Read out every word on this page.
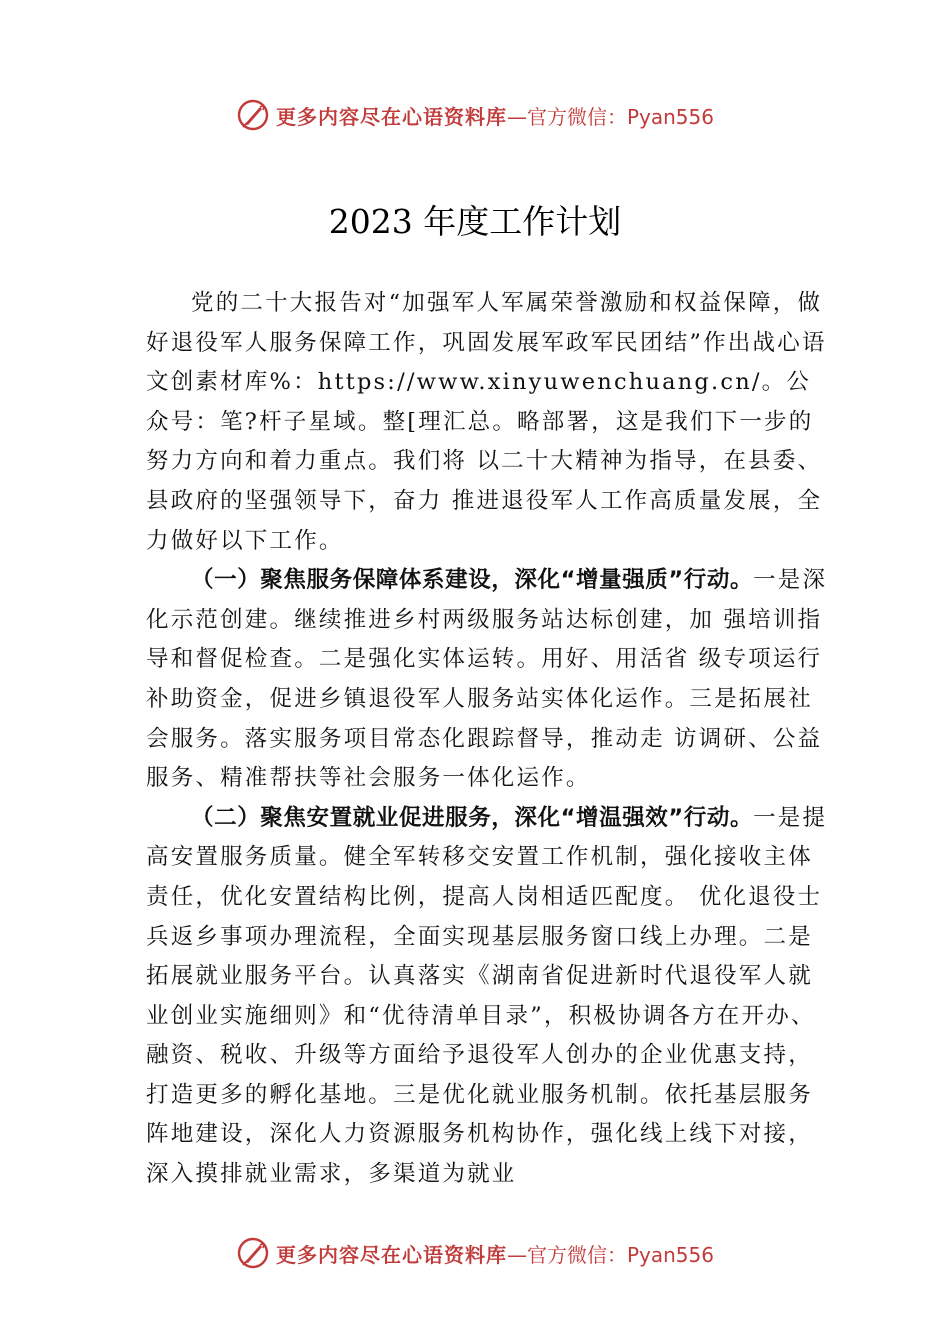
更多内容尽在心语资料库 —官方微信：Pyan556
2023 年度工作计划

党的二十大报告对“加强军人军属荣誉激励和权益保障，做好退役军人服务保障工作，巩固发展军政军民团结”作出战心语文创素材库%：https://www.xinyuwenchuang.cn/。公众号：笔?杆子星域。整[理汇总。略部署，这是我们下一步的努力方向和着力重点。我们将 以二十大精神为指导，在县委、县政府的坚强领导下，奋力 推进退役军人工作高质量发展，全力做好以下工作。

（一）聚焦服务保障体系建设，深化“增量强质”行动。一是深化示范创建。继续推进乡村两级服务站达标创建，加 强培训指导和督促检查。二是强化实体运转。用好、用活省 级专项运行补助资金，促进乡镇退役军人服务站实体化运作。三是拓展社会服务。落实服务项目常态化跟踪督导，推动走 访调研、公益服务、精准帮扶等社会服务一体化运作。

（二）聚焦安置就业促进服务，深化“增温强效”行动。一是提高安置服务质量。健全军转移交安置工作机制，强化接收主体责任，优化安置结构比例，提高人岗相适匹配度。 优化退役士兵返乡事项办理流程，全面实现基层服务窗口线上办理。二是拓展就业服务平台。认真落实《湖南省促进新时代退役军人就业创业实施细则》和“优待清单目录”，积极协调各方在开办、融资、税收、升级等方面给予退役军人创办的企业优惠支持，打造更多的孵化基地。三是优化就业服务机制。依托基层服务阵地建设，深化人力资源服务机构协作，强化线上线下对接，深入摸排就业需求，多渠道为就业

更多内容尽在心语资料库 —官方微信：Pyan556
